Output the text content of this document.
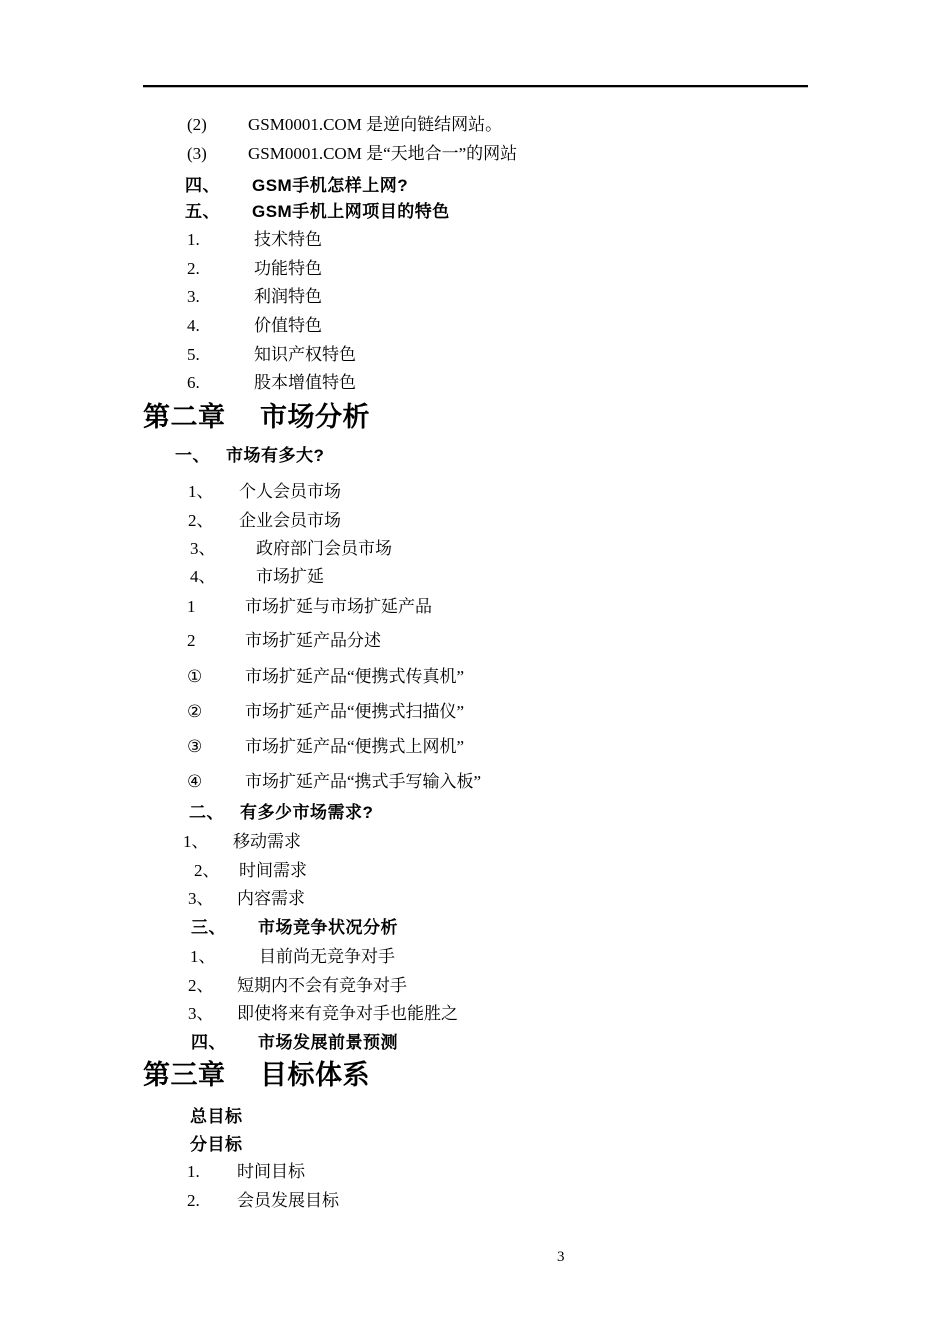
(2) GSM0001.COM 是逆向链结网站。
(3) GSM0001.COM 是“天地合一”的网站
四、 GSM手机怎样上网?
五、 GSM手机上网项目的特色
1.	技术特色
2.	功能特色
3.	利润特色
4.	价值特色
5.	知识产权特色
6.	股本增值特色
第二章 市场分析
一、 市场有多大?
1、 个人会员市场
2、 企业会员市场
3、 政府部门会员市场
4、 市场扩延
1	市场扩延与市场扩延产品
2	市场扩延产品分述
①	市场扩延产品“便携式传真机”
②	市场扩延产品“便携式扫描仪”
③	市场扩延产品“便携式上网机”
④	市场扩延产品“携式手写输入板”
二、 有多少市场需求?
1、 移动需求
2、 时间需求
3、 内容需求
三、 市场竞争状况分析
1、	目前尚无竞争对手
2、 短期内不会有竞争对手
3、 即使将来有竞争对手也能胜之
四、 市场发展前景预测
第三章 目标体系
总目标
分目标
1. 时间目标
2. 会员发展目标
3
